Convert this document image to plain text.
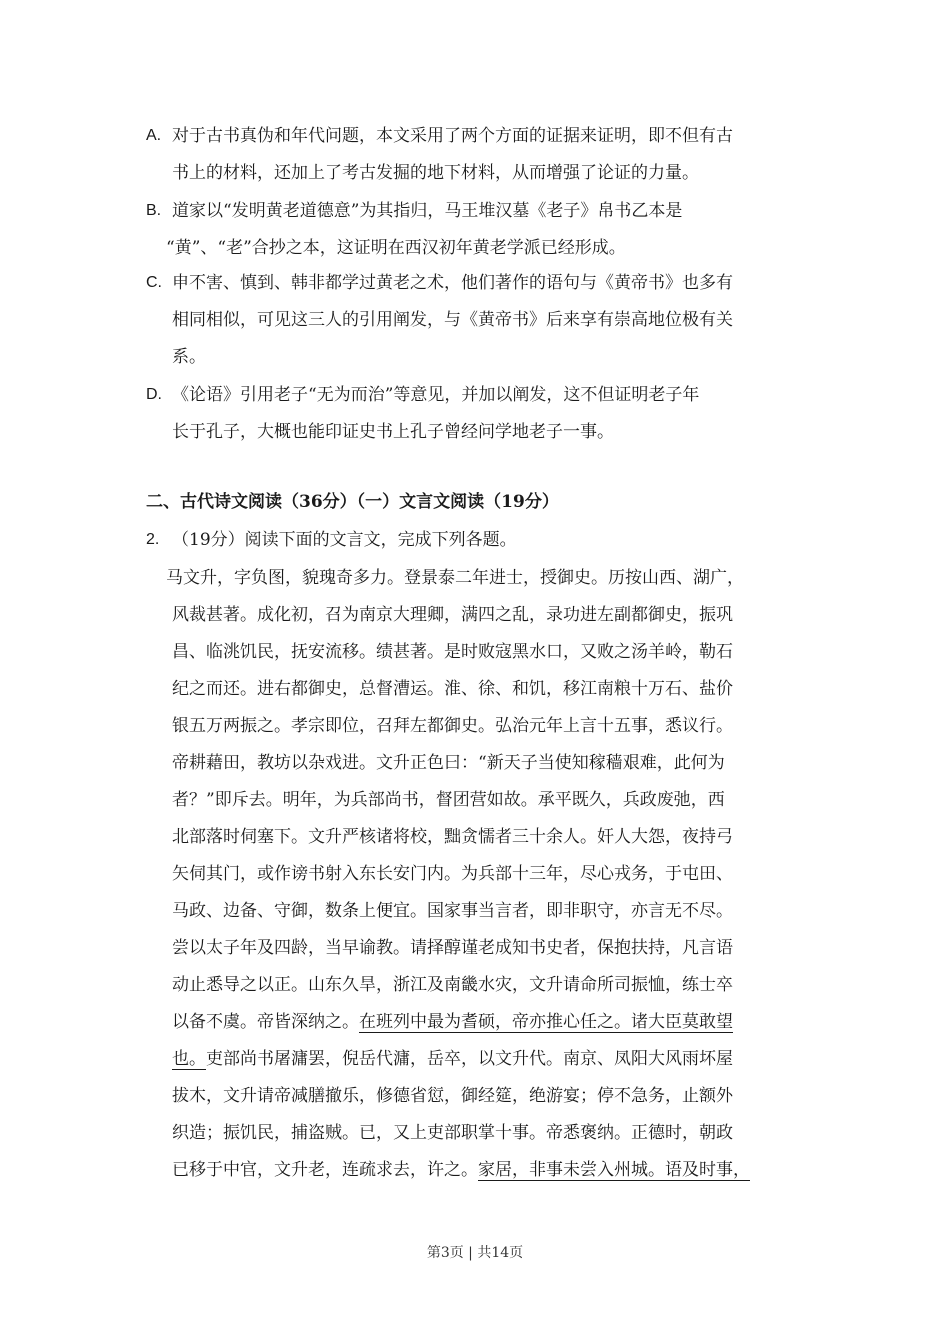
A. 对于古书真伪和年代问题，本文采用了两个方面的证据来证明，即不但有古
书上的材料，还加上了考古发掘的地下材料，从而增强了论证的力量。
B. 道家以“发明黄老道德意”为其指归，马王堆汉墓《老子》帛书乙本是
“黄”、“老”合抄之本，这证明在西汉初年黄老学派已经形成。
C. 申不害、慎到、韩非都学过黄老之术，他们著作的语句与《黄帝书》也多有
相同相似，可见这三人的引用阐发，与《黄帝书》后来享有崇高地位极有关
系。
D. 《论语》引用老子“无为而治”等意见，并加以阐发，这不但证明老子年
长于孔子，大概也能印证史书上孔子曾经问学地老子一事。
二、古代诗文阅读（36分）（一）文言文阅读（19分）
2. （19分）阅读下面的文言文，完成下列各题。
马文升，字负图，貌瑰奇多力。登景泰二年进士，授御史。历按山西、湖广，
风裁甚著。成化初，召为南京大理卿，满四之乱，录功进左副都御史，振巩
昌、临洮饥民，抚安流移。绩甚著。是时败寇黑水口，又败之汤羊岭，勒石
纪之而还。进右都御史，总督漕运。淮、徐、和饥，移江南粮十万石、盐价
银五万两振之。孝宗即位，召拜左都御史。弘治元年上言十五事，悉议行。
帝耕藉田，教坊以杂戏进。文升正色曰：“新天子当使知稼穑艰难，此何为
者？”即斥去。明年，为兵部尚书，督团营如故。承平既久，兵政废弛，西
北部落时伺塞下。文升严核诸将校，黜贪懦者三十余人。奸人大怨，夜持弓
矢伺其门，或作谤书射入东长安门内。为兵部十三年，尽心戎务，于屯田、
马政、边备、守御，数条上便宜。国家事当言者，即非职守，亦言无不尽。
尝以太子年及四龄，当早谕教。请择醇谨老成知书史者，保抱扶持，凡言语
动止悉导之以正。山东久旱，浙江及南畿水灾，文升请命所司振恤，练士卒
以备不虞。帝皆深纳之。在班列中最为耆硕，帝亦推心任之。诸大臣莫敢望
也。吏部尚书屠滽罢，倪岳代滽，岳卒，以文升代。南京、凤阳大风雨坏屋
拔木，文升请帝减膳撤乐，修德省愆，御经筵，绝游宴；停不急务，止额外
织造；振饥民，捕盗贼。已，又上吏部职掌十事。帝悉褒纳。正德时，朝政
已移于中官，文升老，连疏求去，许之。家居，非事未尝入州城。语及时事，
第3页 | 共14页
